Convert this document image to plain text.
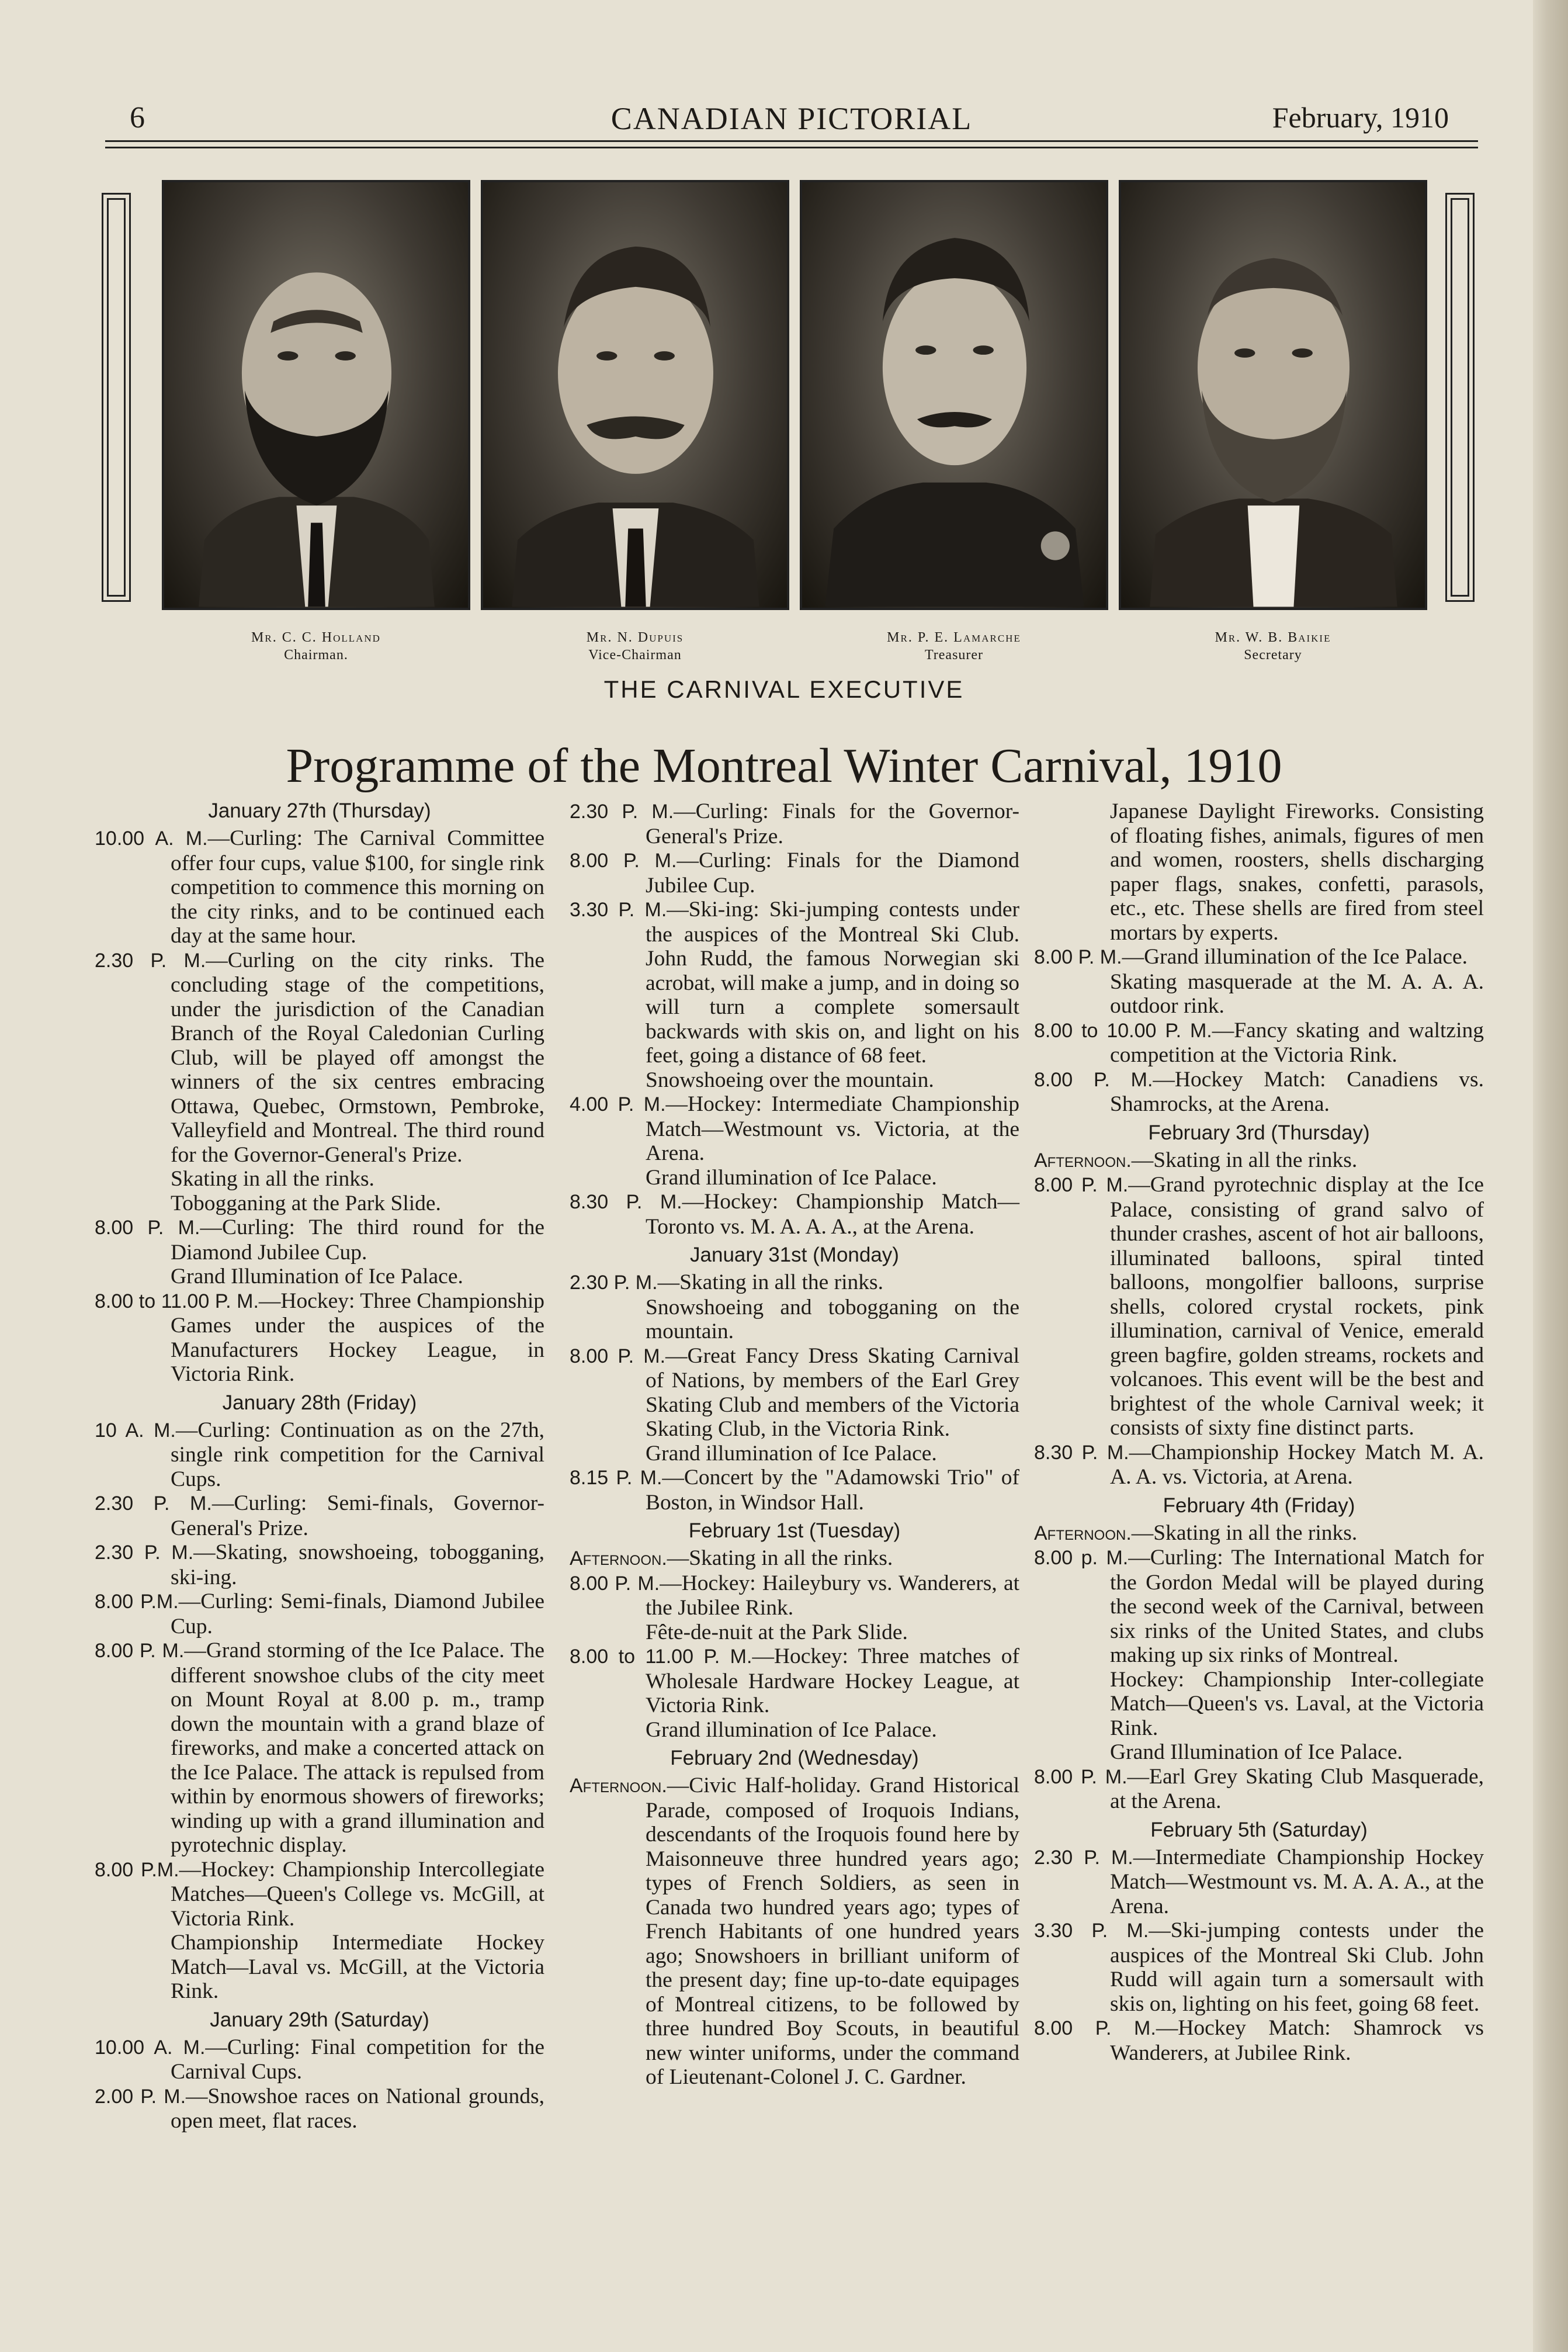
6	CANADIAN PICTORIAL	February, 1910
Mr. C. C. Holland
Chairman.
Mr. N. Dupuis
Vice-Chairman
Mr. P. E. Lamarche
Treasurer
Mr. W. B. Baikie
Secretary
THE CARNIVAL EXECUTIVE
Programme of the Montreal Winter Carnival, 1910
January 27th (Thursday)

10.00 A. M.—Curling: The Carnival Committee offer four cups, value $100, for single rink competition to commence this morning on the city rinks, and to be continued each day at the same hour.

2.30 P. M.—Curling on the city rinks. The concluding stage of the competitions, under the jurisdiction of the Canadian Branch of the Royal Caledonian Curling Club, will be played off amongst the winners of the six centres embracing Ottawa, Quebec, Ormstown, Pembroke, Valleyfield and Montreal. The third round for the Governor-General's Prize.

Skating in all the rinks.

Tobogganing at the Park Slide.

8.00 P. M.—Curling: The third round for the Diamond Jubilee Cup.

Grand Illumination of Ice Palace.

8.00 to 11.00 P. M.—Hockey: Three Championship Games under the auspices of the Manufacturers Hockey League, in Victoria Rink.

January 28th (Friday)

10 A. M.—Curling: Continuation as on the 27th, single rink competition for the Carnival Cups.

2.30 P. M.—Curling: Semi-finals, Governor-General's Prize.

2.30 P. M.—Skating, snowshoeing, tobogganing, ski-ing.

8.00 P.M.—Curling: Semi-finals, Diamond Jubilee Cup.

8.00 P. M.—Grand storming of the Ice Palace. The different snowshoe clubs of the city meet on Mount Royal at 8.00 p. m., tramp down the mountain with a grand blaze of fireworks, and make a concerted attack on the Ice Palace. The attack is repulsed from within by enormous showers of fireworks; winding up with a grand illumination and pyrotechnic display.

8.00 P.M.—Hockey: Championship Intercollegiate Matches—Queen's College vs. McGill, at Victoria Rink.

Championship Intermediate Hockey Match—Laval vs. McGill, at the Victoria Rink.

January 29th (Saturday)

10.00 A. M.—Curling: Final competition for the Carnival Cups.

2.00 P. M.—Snowshoe races on National grounds, open meet, flat races.

2.30 P. M.—Curling: Finals for the Governor-General's Prize.

8.00 P. M.—Curling: Finals for the Diamond Jubilee Cup.

3.30 P. M.—Ski-ing: Ski-jumping contests under the auspices of the Montreal Ski Club. John Rudd, the famous Norwegian ski acrobat, will make a jump, and in doing so will turn a complete somersault backwards with skis on, and light on his feet, going a distance of 68 feet.

Snowshoeing over the mountain.

4.00 P. M.—Hockey: Intermediate Championship Match—Westmount vs. Victoria, at the Arena.

Grand illumination of Ice Palace.

8.30 P. M.—Hockey: Championship Match—Toronto vs. M. A. A. A., at the Arena.

January 31st (Monday)

2.30 P. M.—Skating in all the rinks.

Snowshoeing and tobogganing on the mountain.

8.00 P. M.—Great Fancy Dress Skating Carnival of Nations, by members of the Earl Grey Skating Club and members of the Victoria Skating Club, in the Victoria Rink.

Grand illumination of Ice Palace.

8.15 P. M.—Concert by the "Adamowski Trio" of Boston, in Windsor Hall.

February 1st (Tuesday)

Afternoon.—Skating in all the rinks.

8.00 P. M.—Hockey: Haileybury vs. Wanderers, at the Jubilee Rink.

Fête-de-nuit at the Park Slide.

8.00 to 11.00 P. M.—Hockey: Three matches of Wholesale Hardware Hockey League, at Victoria Rink.

Grand illumination of Ice Palace.

February 2nd (Wednesday)

Afternoon.—Civic Half-holiday. Grand Historical Parade, composed of Iroquois Indians, descendants of the Iroquois found here by Maisonneuve three hundred years ago; types of French Soldiers, as seen in Canada two hundred years ago; types of French Habitants of one hundred years ago; Snowshoers in brilliant uniform of the present day; fine up-to-date equipages of Montreal citizens, to be followed by three hundred Boy Scouts, in beautiful new winter uniforms, under the command of Lieutenant-Colonel J. C. Gardner.

Japanese Daylight Fireworks. Consisting of floating fishes, animals, figures of men and women, roosters, shells discharging paper flags, snakes, confetti, parasols, etc., etc. These shells are fired from steel mortars by experts.

8.00 P. M.—Grand illumination of the Ice Palace.

Skating masquerade at the M. A. A. A. outdoor rink.

8.00 to 10.00 P. M.—Fancy skating and waltzing competition at the Victoria Rink.

8.00 P. M.—Hockey Match: Canadiens vs. Shamrocks, at the Arena.

February 3rd (Thursday)

Afternoon.—Skating in all the rinks.

8.00 P. M.—Grand pyrotechnic display at the Ice Palace, consisting of grand salvo of thunder crashes, ascent of hot air balloons, illuminated balloons, spiral tinted balloons, mongolfier balloons, surprise shells, colored crystal rockets, pink illumination, carnival of Venice, emerald green bagfire, golden streams, rockets and volcanoes. This event will be the best and brightest of the whole Carnival week; it consists of sixty fine distinct parts.

8.30 P. M.—Championship Hockey Match M. A. A. A. vs. Victoria, at Arena.

February 4th (Friday)

Afternoon.—Skating in all the rinks.

8.00 p. M.—Curling: The International Match for the Gordon Medal will be played during the second week of the Carnival, between six rinks of the United States, and clubs making up six rinks of Montreal.

Hockey: Championship Inter-collegiate Match—Queen's vs. Laval, at the Victoria Rink.

Grand Illumination of Ice Palace.

8.00 P. M.—Earl Grey Skating Club Masquerade, at the Arena.

February 5th (Saturday)

2.30 P. M.—Intermediate Championship Hockey Match—Westmount vs. M. A. A. A., at the Arena.

3.30 P. M.—Ski-jumping contests under the auspices of the Montreal Ski Club. John Rudd will again turn a somersault with skis on, lighting on his feet, going 68 feet.

8.00 P. M.—Hockey Match: Shamrock vs Wanderers, at Jubilee Rink.
